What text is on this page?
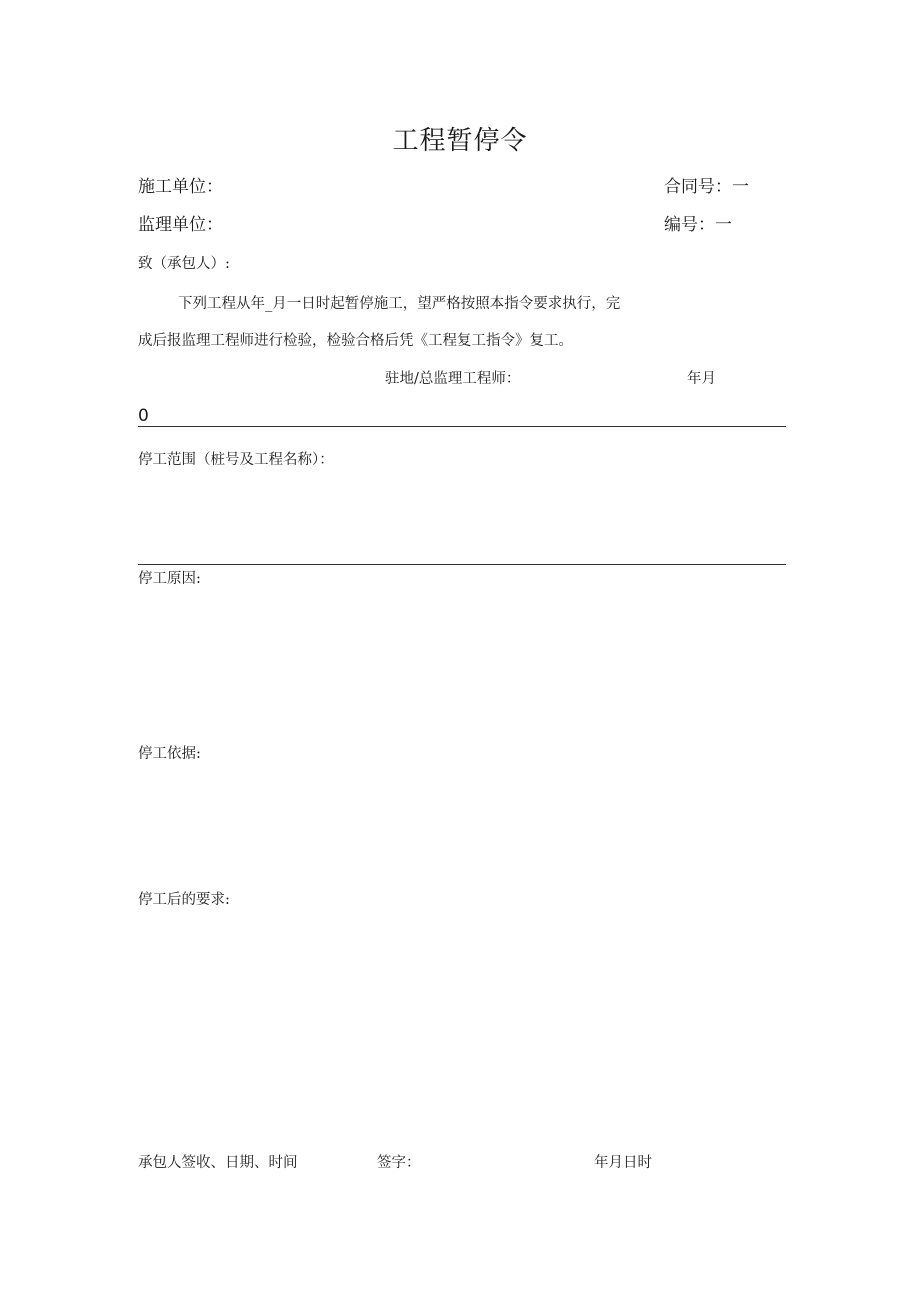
工程暂停令
施工单位：	合同号：一
监理单位：	编号：一
致（承包人）:
下列工程从年_月一日时起暂停施工，望严格按照本指令要求执行，完
成后报监理工程师进行检验，检验合格后凭《工程复工指令》复工。
驻地/总监理工程师：	年月
0
停工范围（桩号及工程名称）：
停工原因:
停工依据:
停工后的要求:
承包人签收、日期、时间	签字：	年月日时
